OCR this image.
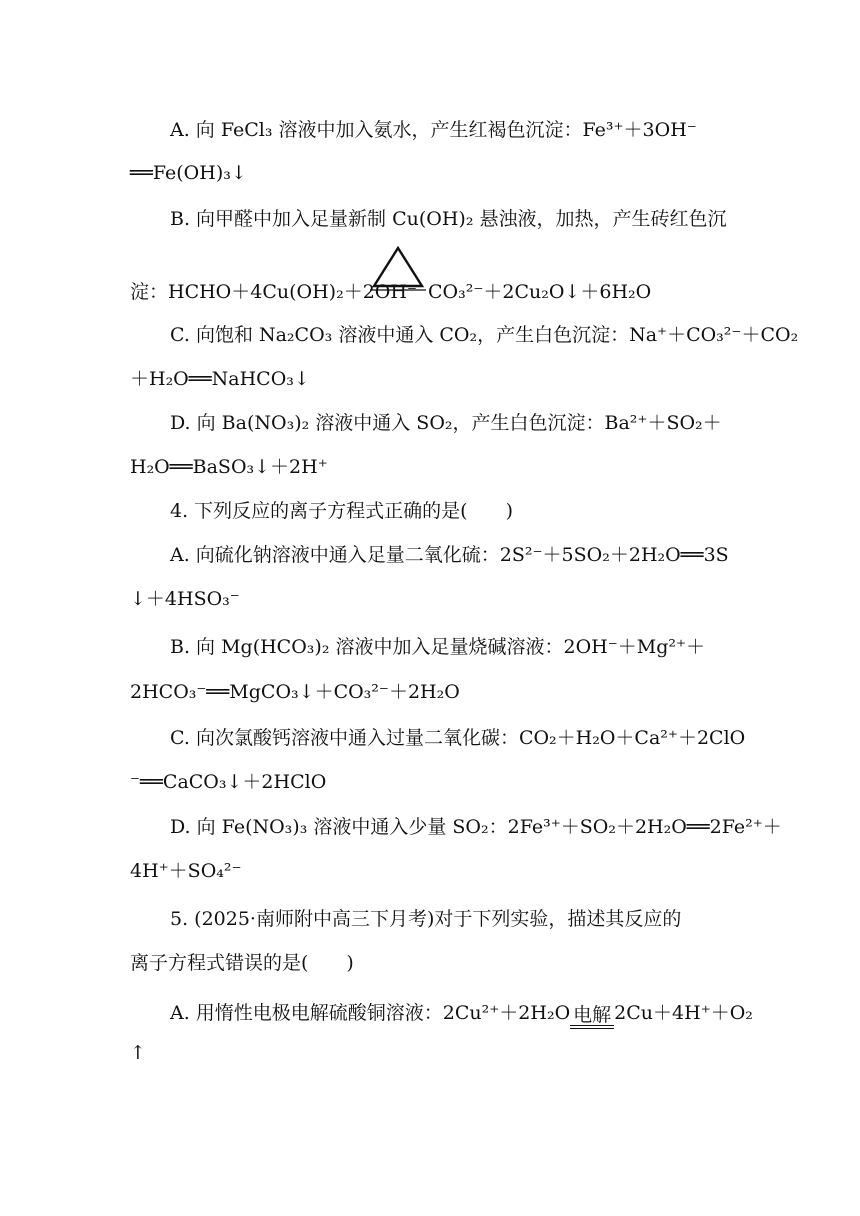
A. 向 FeCl₃ 溶液中加入氨水，产生红褐色沉淀：Fe³⁺＋3OH⁻
══Fe(OH)₃↓
B. 向甲醛中加入足量新制 Cu(OH)₂ 悬浊液，加热，产生砖红色沉
淀：HCHO＋4Cu(OH)₂＋2OH⁻ CO₃²⁻＋2Cu₂O↓＋6H₂O
C. 向饱和 Na₂CO₃ 溶液中通入 CO₂，产生白色沉淀：Na⁺＋CO₃²⁻＋CO₂
＋H₂O══NaHCO₃↓
D. 向 Ba(NO₃)₂ 溶液中通入 SO₂，产生白色沉淀：Ba²⁺＋SO₂＋
H₂O══BaSO₃↓＋2H⁺
4. 下列反应的离子方程式正确的是(　　)
A. 向硫化钠溶液中通入足量二氧化硫：2S²⁻＋5SO₂＋2H₂O══3S
↓＋4HSO₃⁻
B. 向 Mg(HCO₃)₂ 溶液中加入足量烧碱溶液：2OH⁻＋Mg²⁺＋
2HCO₃⁻══MgCO₃↓＋CO₃²⁻＋2H₂O
C. 向次氯酸钙溶液中通入过量二氧化碳：CO₂＋H₂O＋Ca²⁺＋2ClO
⁻══CaCO₃↓＋2HClO
D. 向 Fe(NO₃)₃ 溶液中通入少量 SO₂：2Fe³⁺＋SO₂＋2H₂O══2Fe²⁺＋
4H⁺＋SO₄²⁻
5. (2025·南师附中高三下月考)对于下列实验，描述其反应的
离子方程式错误的是(　　)
A. 用惰性电极电解硫酸铜溶液：2Cu²⁺＋2H₂O 电解 2Cu＋4H⁺＋O₂
↑
